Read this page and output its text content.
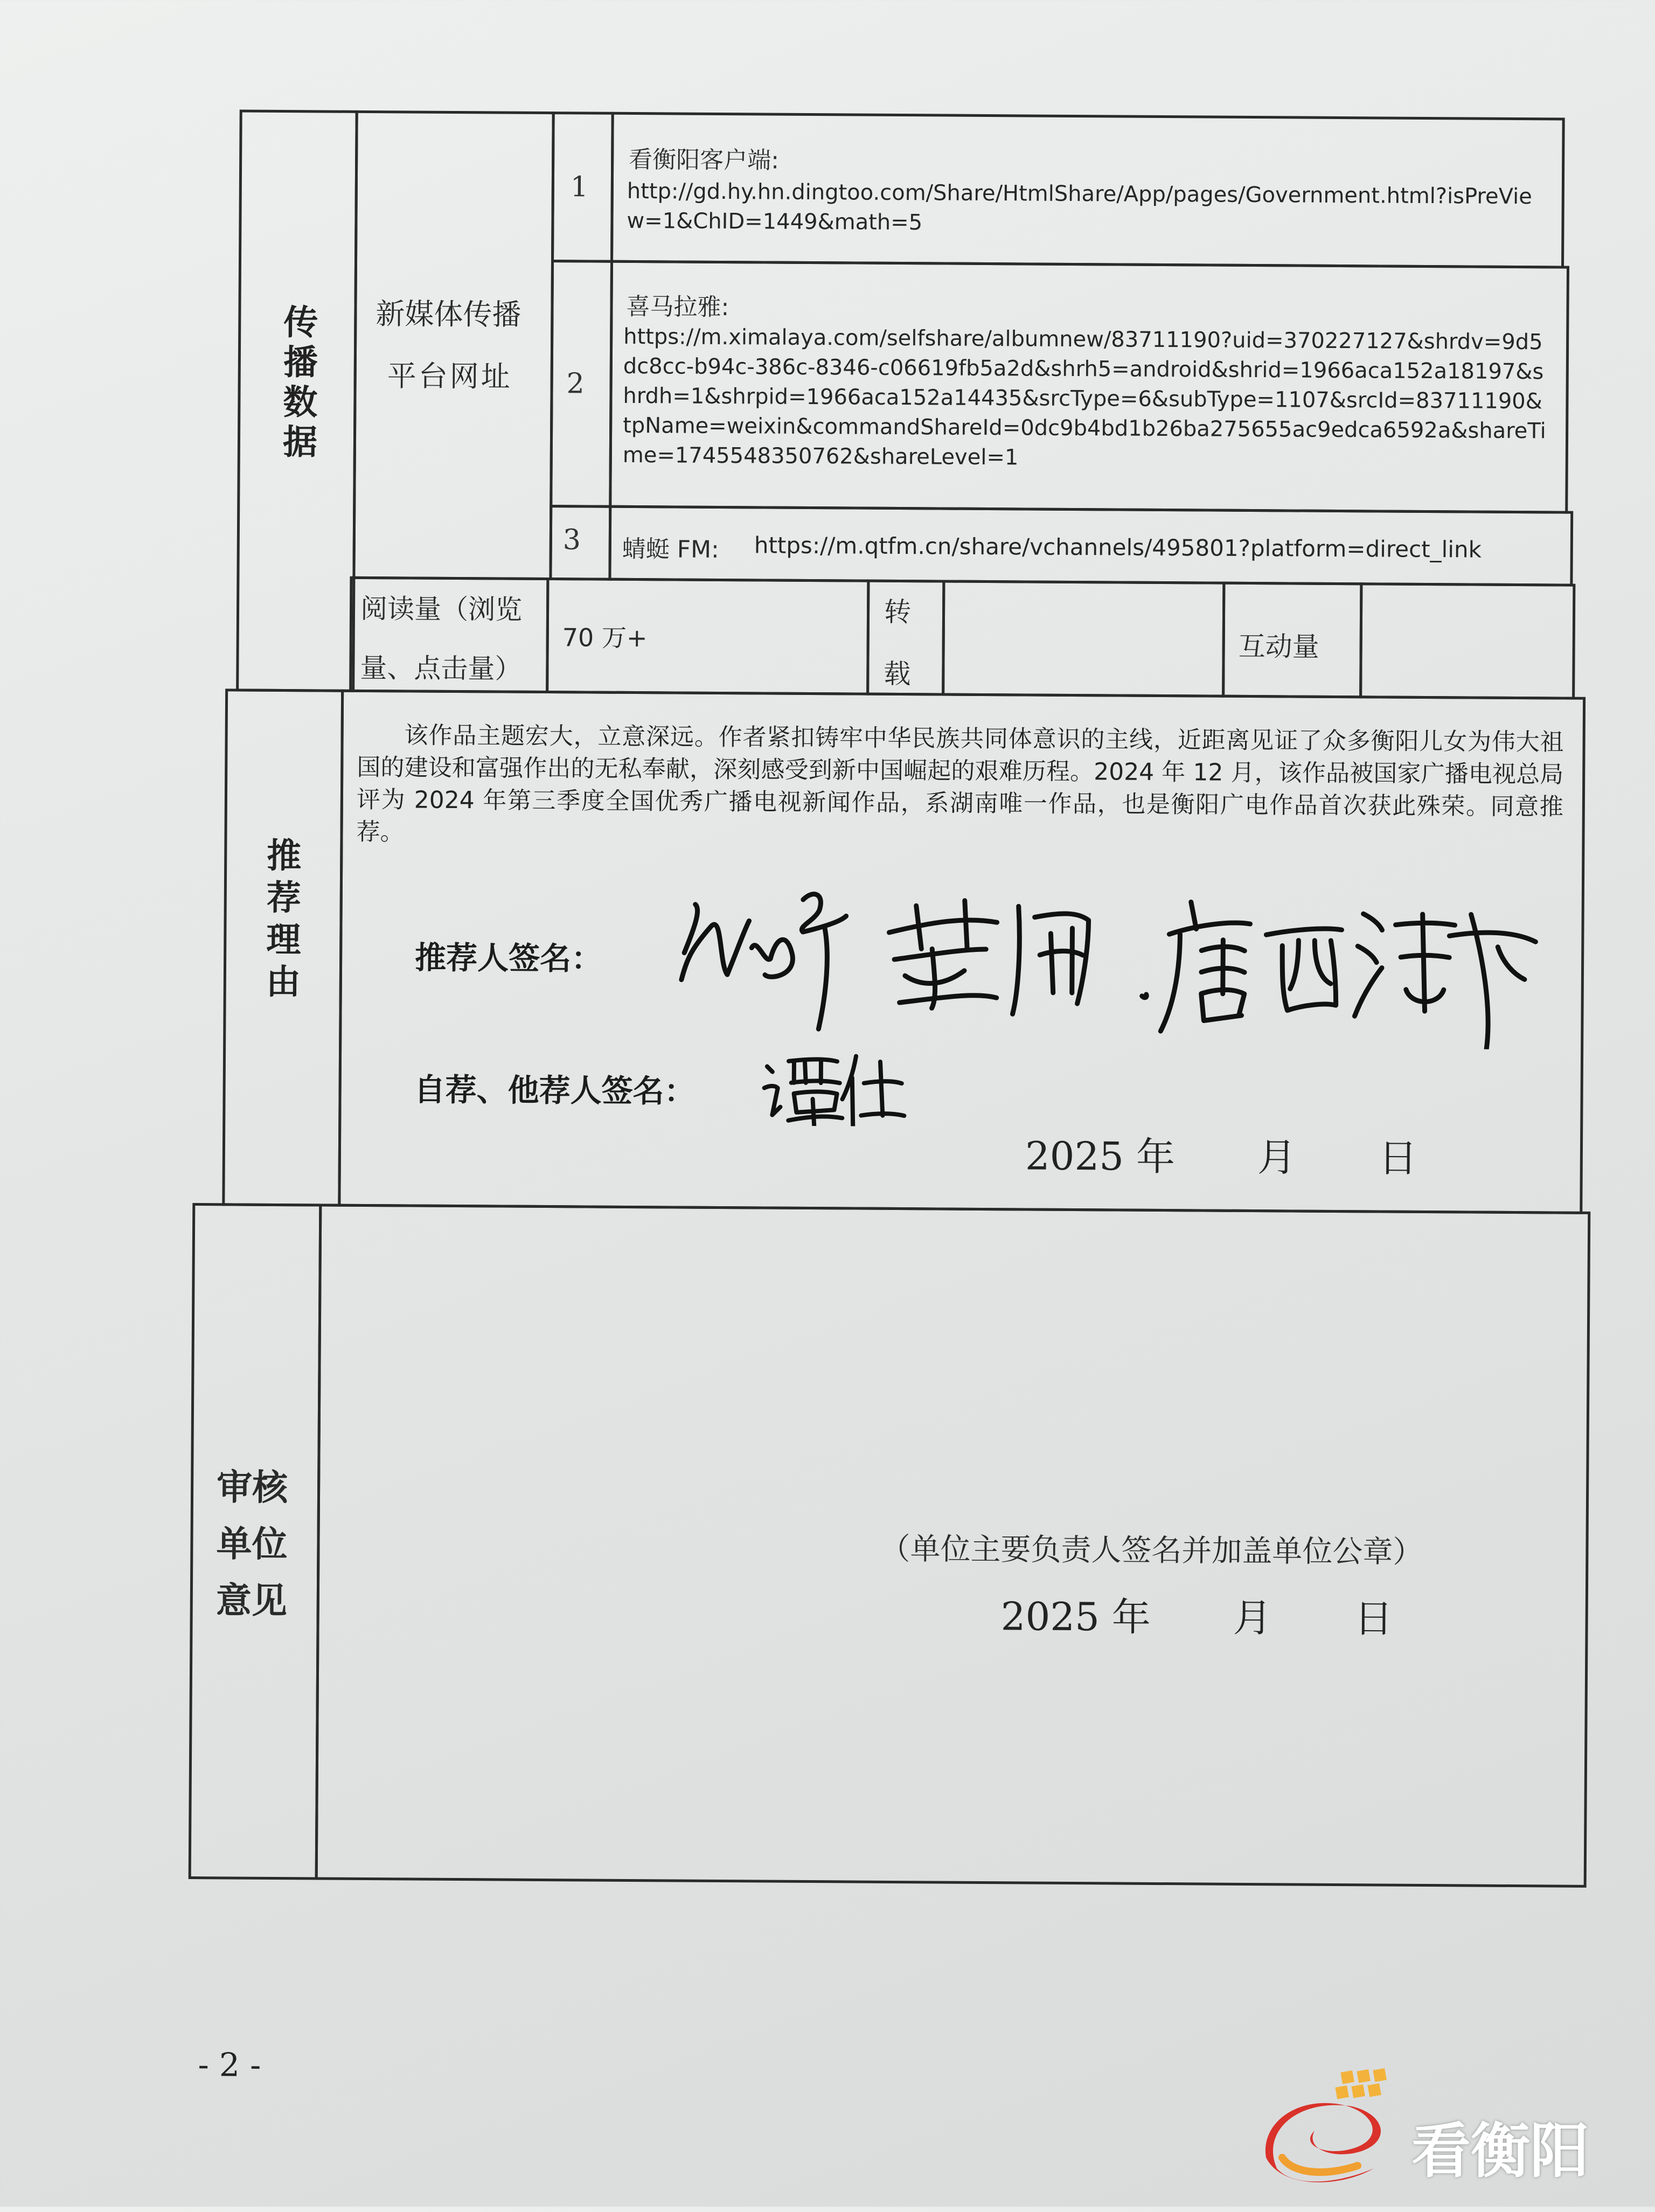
传播数据 新媒体传播
平台网址
1
看衡阳客户端:
http://gd.hy.hn.dingtoo.com/Share/HtmlShare/App/pages/Government.html?isPreView=1&ChID=1449&math=5
2
喜马拉雅:
https://m.ximalaya.com/selfshare/albumnew/83711190?uid=370227127&shrdv=9d5dc8cc-b94c-386c-8346-c06619fb5a2d&shrh5=android&shrid=1966aca152a18197&shrdh=1&shrpid=1966aca152a14435&srcType=6&subType=1107&srcId=83711190&tpName=weixin&commandShareId=0dc9b4bd1b26ba275655ac9edca6592a&shareTime=1745548350762&shareLevel=1
3 蜻蜓 FM: https://m.qtfm.cn/share/vchannels/495801?platform=direct_link
阅读量（浏览
量、点击量）
70 万+
转
载
互动量
推荐理由
该作品主题宏大，立意深远。作者紧扣铸牢中华民族共同体意识的主线，近距离见证了众多衡阳儿女为伟大祖国的建设和富强作出的无私奉献，深刻感受到新中国崛起的艰难历程。2024 年 12 月，该作品被国家广播电视总局评为 2024 年第三季度全国优秀广播电视新闻作品，系湖南唯一作品，也是衡阳广电作品首次获此殊荣。同意推荐。
推荐人签名：
自荐、他荐人签名：
2025 年 月 日
审核单位意见
（单位主要负责人签名并加盖单位公章）
2025 年 月 日
- 2 -
看衡阳
